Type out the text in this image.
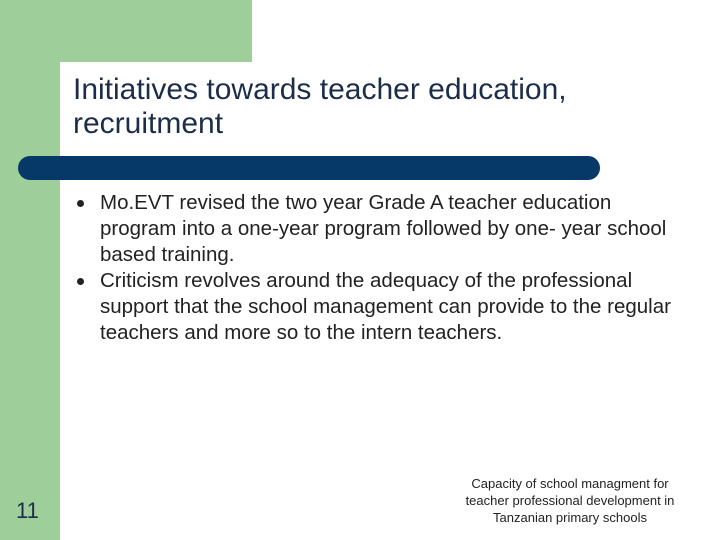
Initiatives towards teacher education, recruitment
Mo.EVT revised the two year Grade A teacher education program into a one-year program followed by one- year school based training.
Criticism revolves around the adequacy of the professional support that the school management can provide to the regular teachers and more so to the intern teachers.
11
Capacity of school managment for teacher professional development in Tanzanian primary schools
